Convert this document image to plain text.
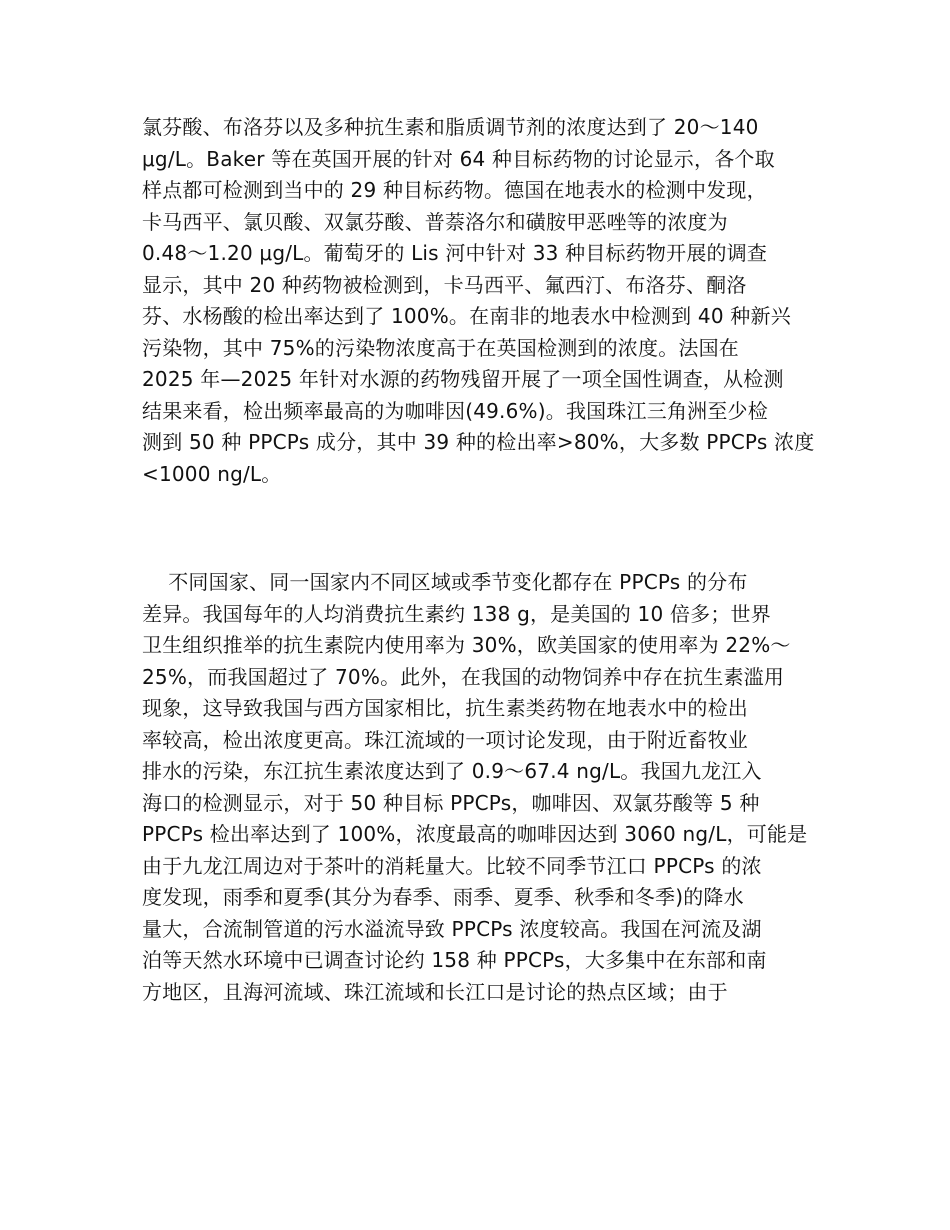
氯芬酸、布洛芬以及多种抗生素和脂质调节剂的浓度达到了 20～140
μg/L。Baker 等在英国开展的针对 64 种目标药物的讨论显示，各个取
样点都可检测到当中的 29 种目标药物。德国在地表水的检测中发现，
卡马西平、氯贝酸、双氯芬酸、普萘洛尔和磺胺甲恶唑等的浓度为
0.48～1.20 μg/L。葡萄牙的 Lis 河中针对 33 种目标药物开展的调查
显示，其中 20 种药物被检测到，卡马西平、氟西汀、布洛芬、酮洛
芬、水杨酸的检出率达到了 100%。在南非的地表水中检测到 40 种新兴
污染物，其中 75%的污染物浓度高于在英国检测到的浓度。法国在
2025 年—2025 年针对水源的药物残留开展了一项全国性调查，从检测
结果来看，检出频率最高的为咖啡因(49.6%)。我国珠江三角洲至少检
测到 50 种 PPCPs 成分，其中 39 种的检出率>80%，大多数 PPCPs 浓度
<1000 ng/L。
不同国家、同一国家内不同区域或季节变化都存在 PPCPs 的分布
差异。我国每年的人均消费抗生素约 138 g，是美国的 10 倍多；世界
卫生组织推举的抗生素院内使用率为 30%，欧美国家的使用率为 22%～
25%，而我国超过了 70%。此外，在我国的动物饲养中存在抗生素滥用
现象，这导致我国与西方国家相比，抗生素类药物在地表水中的检出
率较高，检出浓度更高。珠江流域的一项讨论发现，由于附近畜牧业
排水的污染，东江抗生素浓度达到了 0.9～67.4 ng/L。我国九龙江入
海口的检测显示，对于 50 种目标 PPCPs，咖啡因、双氯芬酸等 5 种
PPCPs 检出率达到了 100%，浓度最高的咖啡因达到 3060 ng/L，可能是
由于九龙江周边对于茶叶的消耗量大。比较不同季节江口 PPCPs 的浓
度发现，雨季和夏季(其分为春季、雨季、夏季、秋季和冬季)的降水
量大，合流制管道的污水溢流导致 PPCPs 浓度较高。我国在河流及湖
泊等天然水环境中已调查讨论约 158 种 PPCPs，大多集中在东部和南
方地区，且海河流域、珠江流域和长江口是讨论的热点区域；由于
